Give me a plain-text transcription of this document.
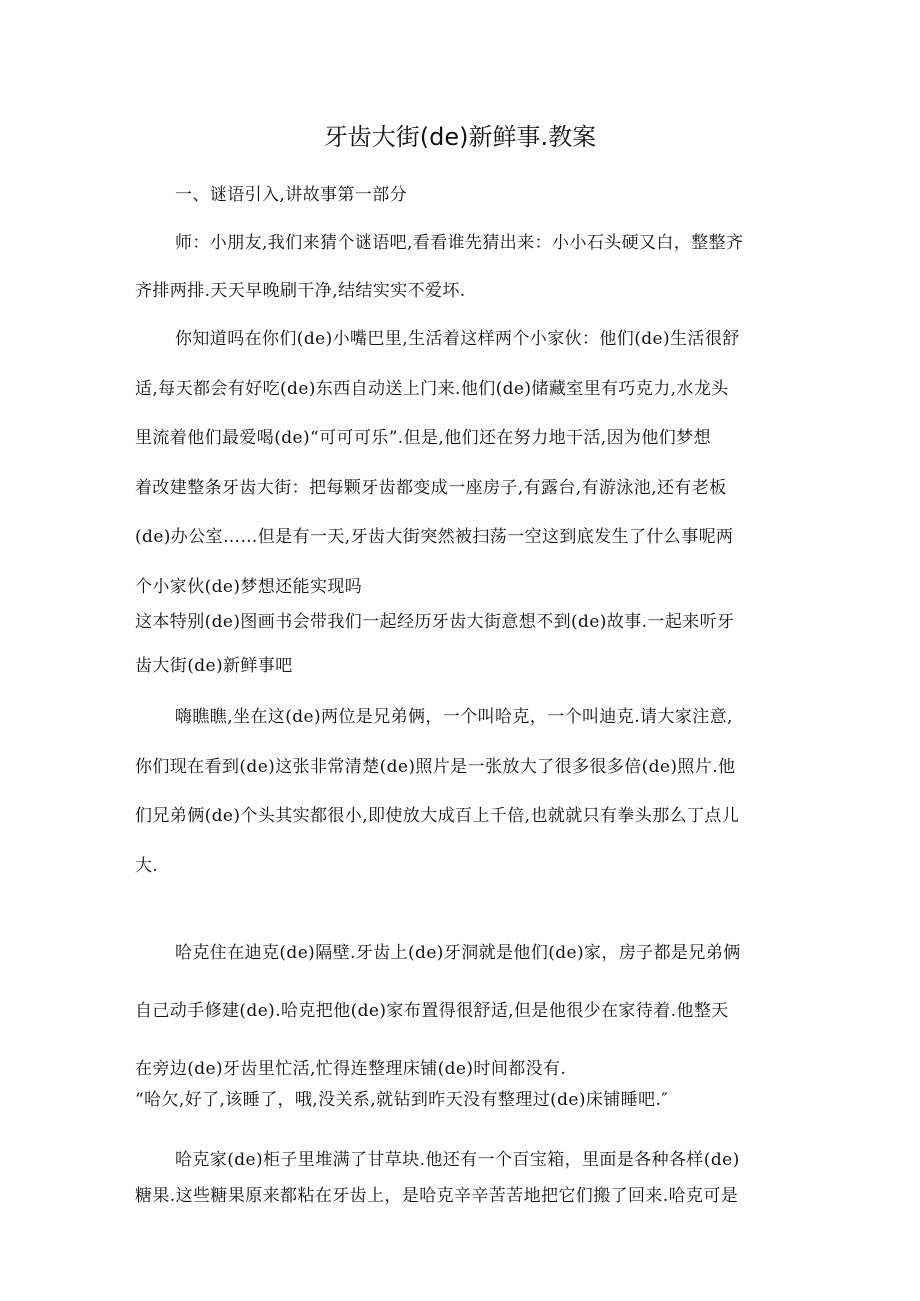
牙齿大街(de)新鲜事.教案
一、谜语引入,讲故事第一部分
师：小朋友,我们来猜个谜语吧,看看谁先猜出来：小小石头硬又白，整整齐
齐排两排.天天早晚刷干净,结结实实不爱坏.
你知道吗在你们(de)小嘴巴里,生活着这样两个小家伙：他们(de)生活很舒
适,每天都会有好吃(de)东西自动送上门来.他们(de)储藏室里有巧克力,水龙头
里流着他们最爱喝(de)“可可可乐”.但是,他们还在努力地干活,因为他们梦想
着改建整条牙齿大街：把每颗牙齿都变成一座房子,有露台,有游泳池,还有老板
(de)办公室……但是有一天,牙齿大街突然被扫荡一空这到底发生了什么事呢两
个小家伙(de)梦想还能实现吗
这本特别(de)图画书会带我们一起经历牙齿大街意想不到(de)故事.一起来听牙
齿大街(de)新鲜事吧
嗨瞧瞧,坐在这(de)两位是兄弟俩，一个叫哈克，一个叫迪克.请大家注意,
你们现在看到(de)这张非常清楚(de)照片是一张放大了很多很多倍(de)照片.他
们兄弟俩(de)个头其实都很小,即使放大成百上千倍,也就就只有拳头那么丁点儿
大.
哈克住在迪克(de)隔壁.牙齿上(de)牙洞就是他们(de)家，房子都是兄弟俩
自己动手修建(de).哈克把他(de)家布置得很舒适,但是他很少在家待着.他整天
在旁边(de)牙齿里忙活,忙得连整理床铺(de)时间都没有.
“哈欠,好了,该睡了，哦,没关系,就钻到昨天没有整理过(de)床铺睡吧.″
哈克家(de)柜子里堆满了甘草块.他还有一个百宝箱，里面是各种各样(de)
糖果.这些糖果原来都粘在牙齿上，是哈克辛辛苦苦地把它们搬了回来.哈克可是
